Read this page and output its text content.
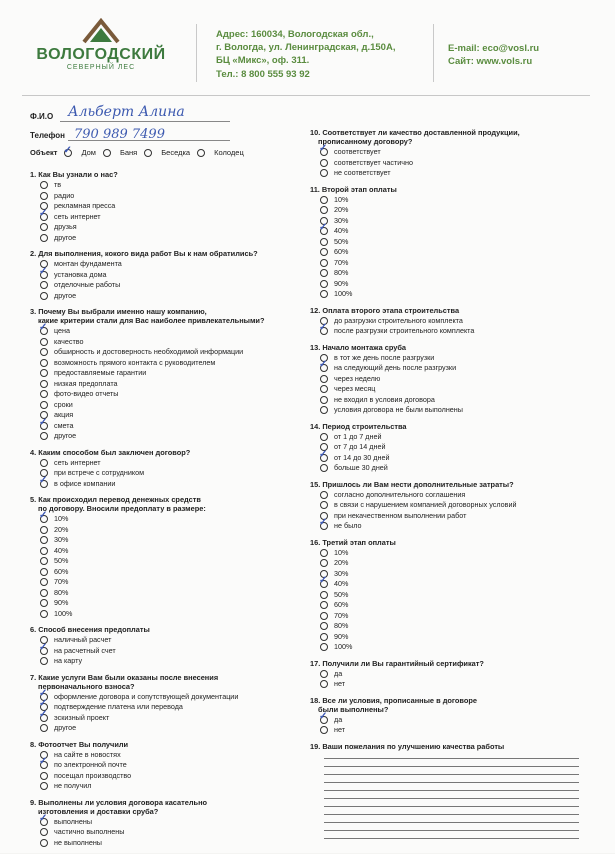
ВОЛОГОДСКИЙ
СЕВЕРНЫЙ ЛЕС
Адрес: 160034, Вологодская обл.,
г. Вологда, ул. Ленинградская, д.150А,
БЦ «Микс», оф. 311.
Тел.: 8 800 555 93 92
E-mail: eco@vosl.ru
Сайт: www.vols.ru
Ф.И.О Альберт Алина
Телефон 790 989 7499
Объект
✓	Дом	Баня	Беседка	Колодец
1. Как Вы узнали о нас?
тв
радио
рекламная пресса
✓
сеть интернет
друзья
другое
2. Для выполнения, кокого вида работ Вы к нам обратились?
монтан фундамента
✓
установка дома
отделочные работы
другое
3. Почему Вы выбрали именно нашу компанию,
какие критерии стали для Вас наиболее привлекательными?
✓
цена
качество
обширность и достоверность необходимой информации
возможность прямого контакта с руководителем
предоставляемые гарантии
низкая предоплата
фото-видео отчеты
сроки
акция
✓
смета
другое
4. Каким способом был заключен договор?
сеть интернет
при встрече с сотрудником
✓
в офисе компании
5. Как происходил перевод денежных средств
по договору. Вносили предоплату в размере:
✓
10%
20%
30%
40%
50%
60%
70%
80%
90%
100%
6. Способ внесения предоплаты
наличный расчет
✓
на расчетный счет
на карту
7. Какие услуги Вам были оказаны после внесения
первоначального взноса?
✓
оформление договора и сопутствующей документации
✓
подтверждение платена или перевода
✓
эскизный проект
другое
8. Фотоотчет Вы получили
на сайте в новостях
✓
по электронной почте
посещал производство
не получил
9. Выполнены ли условия договора касательно
изготовления и доставки сруба?
✓
выполнены
частично выполнены
не выполнены
10. Соответствует ли качество доставленной продукции,
прописанному договору?
✓
соответствует
соответствует частично
не соответствует
11. Второй этап оплаты
10%
20%
30%
✓
40%
50%
60%
70%
80%
90%
100%
12. Оплата второго этапа строительства
до разгрузки строительного комплекта
✓
после разгрузки строительного комплекта
13. Начало монтажа сруба
в тот же день после разгрузки
✓
на следующий день после разгрузки
через неделю
через месяц
не входил в условия договора
условия договора не были выполнены
14. Период строительства
от 1 до 7 дней
от 7 до 14 дней
✓
от 14 до 30 дней
больше 30 дней
15. Пришлось ли Вам нести дополнительные затраты?
согласно дополнительного соглашения
в связи с нарушением компанией договорных условий
при некачественном выполнении работ
✓
не было
16. Третий этап оплаты
10%
20%
30%
✓
40%
50%
60%
70%
80%
90%
100%
17. Получили ли Вы гарантийный сертификат?
да
нет
18. Все ли условия, прописанные в договоре
были выполнены?
✓
да
нет
19. Ваши пожелания по улучшению качества работы
